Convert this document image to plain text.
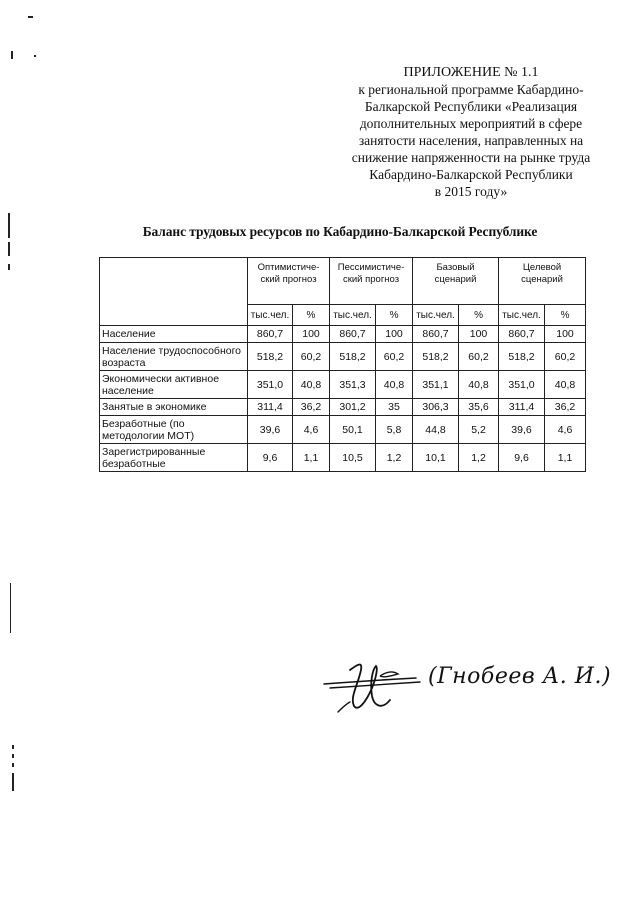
ПРИЛОЖЕНИЕ № 1.1
к региональной программе Кабардино-
Балкарской Республики «Реализация
дополнительных мероприятий в сфере
занятости населения, направленных на
снижение напряженности на рынке труда
Кабардино-Балкарской Республики
в 2015 году»
Баланс трудовых ресурсов по Кабардино-Балкарской Республике
	Оптимистиче-ский прогноз		Пессимистиче-ский прогноз		Базовый сценарий		Целевой сценарий	
	тыс.чел.	%	тыс.чел.	%	тыс.чел.	%	тыс.чел.	%
Население	860,7	100	860,7	100	860,7	100	860,7	100
Население трудоспособного возраста	518,2	60,2	518,2	60,2	518,2	60,2	518,2	60,2
Экономически активное население	351,0	40,8	351,3	40,8	351,1	40,8	351,0	40,8
Занятые в экономике	311,4	36,2	301,2	35	306,3	35,6	311,4	36,2
Безработные (по методологии МОТ)	39,6	4,6	50,1	5,8	44,8	5,2	39,6	4,6
Зарегистрированные безработные	9,6	1,1	10,5	1,2	10,1	1,2	9,6	1,1
(Гнобеев А. И.)
